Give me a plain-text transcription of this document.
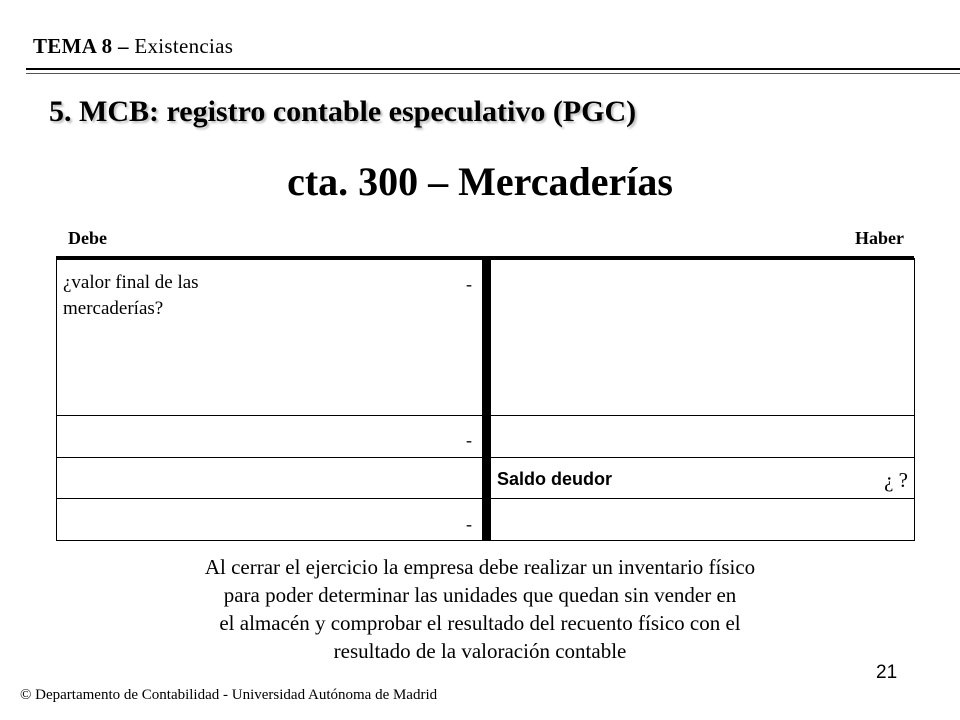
TEMA 8 – Existencias
5. MCB: registro contable especulativo (PGC)
cta. 300 – Mercaderías
Debe	Haber
¿valor final de las mercaderías?
-
-
-
Saldo deudor	¿ ?
Al cerrar el ejercicio la empresa debe realizar un inventario físico
para poder determinar las unidades que quedan sin vender en
el almacén y comprobar el resultado del recuento físico con el
resultado de la valoración contable
21
© Departamento de Contabilidad - Universidad Autónoma de Madrid
